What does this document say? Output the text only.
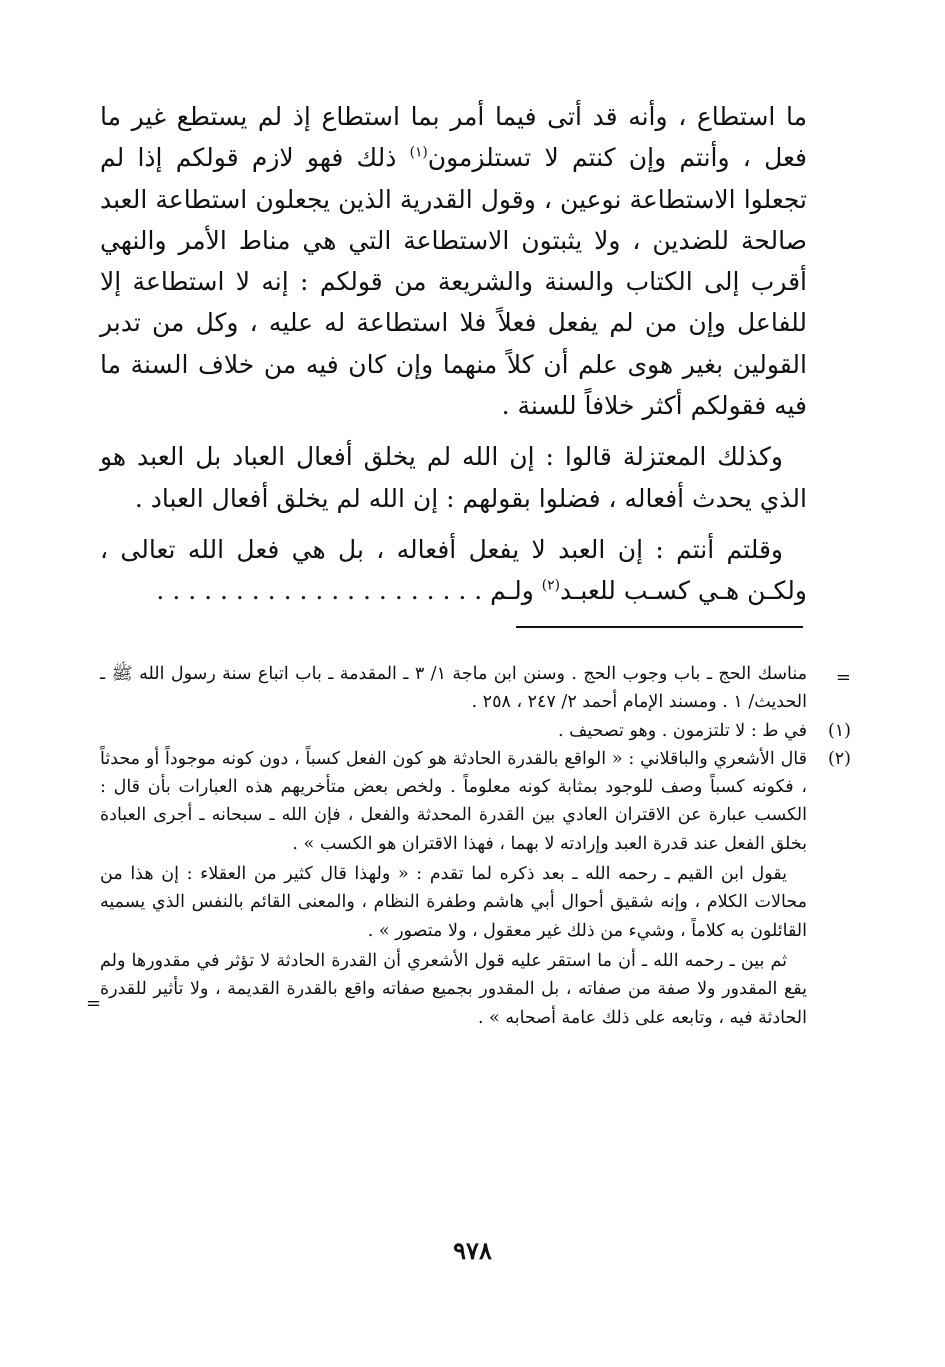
ما استطاع ، وأنه قد أتى فيما أمر بما استطاع إذ لم يستطع غير ما فعل ، وأنتم وإن كنتم لا تستلزمون$^{(١)}$ ذلك فهو لازم قولكم إذا لم تجعلوا الاستطاعة نوعين ، وقول القدرية الذين يجعلون استطاعة العبد صالحة للضدين ، ولا يثبتون الاستطاعة التي هي مناط الأمر والنهي أقرب إلى الكتاب والسنة والشريعة من قولكم : إنه لا استطاعة إلا للفاعل وإن من لم يفعل فعلاً فلا استطاعة له عليه ، وكل من تدبر القولين بغير هوى علم أن كلاً منهما وإن كان فيه من خلاف السنة ما فيه فقولكم أكثر خلافاً للسنة .

وكذلك المعتزلة قالوا : إن الله لم يخلق أفعال العباد بل العبد هو الذي يحدث أفعاله ، فضلوا بقولهم : إن الله لم يخلق أفعال العباد .

وقلتم أنتم : إن العبد لا يفعل أفعاله ، بل هي فعل الله تعالى ، ولكـن هـي كسـب للعبـد$^{(٢)}$ ولـم . . . . . . . . . . . . . . . . . . . . .

=

مناسك الحج ـ باب وجوب الحج . وسنن ابن ماجة ١/ ٣ ـ المقدمة ـ باب اتباع سنة رسول الله ﷺ ـ الحديث/ ١ . ومسند الإمام أحمد ٢/ ٢٤٧ ، ٢٥٨ .

(١)

في ط : لا تلتزمون . وهو تصحيف .

(٢)

قال الأشعري والباقلاني : « الواقع بالقدرة الحادثة هو كون الفعل كسباً ، دون كونه موجوداً أو محدثاً ، فكونه كسباً وصف للوجود بمثابة كونه معلوماً . ولخص بعض متأخريهم هذه العبارات بأن قال : الكسب عبارة عن الاقتران العادي بين القدرة المحدثة والفعل ، فإن الله ـ سبحانه ـ أجرى العبادة بخلق الفعل عند قدرة العبد وإرادته لا بهما ، فهذا الاقتران هو الكسب » .

يقول ابن القيم ـ رحمه الله ـ بعد ذكره لما تقدم : « ولهذا قال كثير من العقلاء : إن هذا من محالات الكلام ، وإنه شقيق أحوال أبي هاشم وطفرة النظام ، والمعنى القائم بالنفس الذي يسميه القائلون به كلاماً ، وشيء من ذلك غير معقول ، ولا متصور » .

ثم بين ـ رحمه الله ـ أن ما استقر عليه قول الأشعري أن القدرة الحادثة لا تؤثر في مقدورها ولم يقع المقدور ولا صفة من صفاته ، بل المقدور بجميع صفاته واقع بالقدرة القديمة ، ولا تأثير للقدرة الحادثة فيه ، وتابعه على ذلك عامة أصحابه » .

=
٩٧٨
